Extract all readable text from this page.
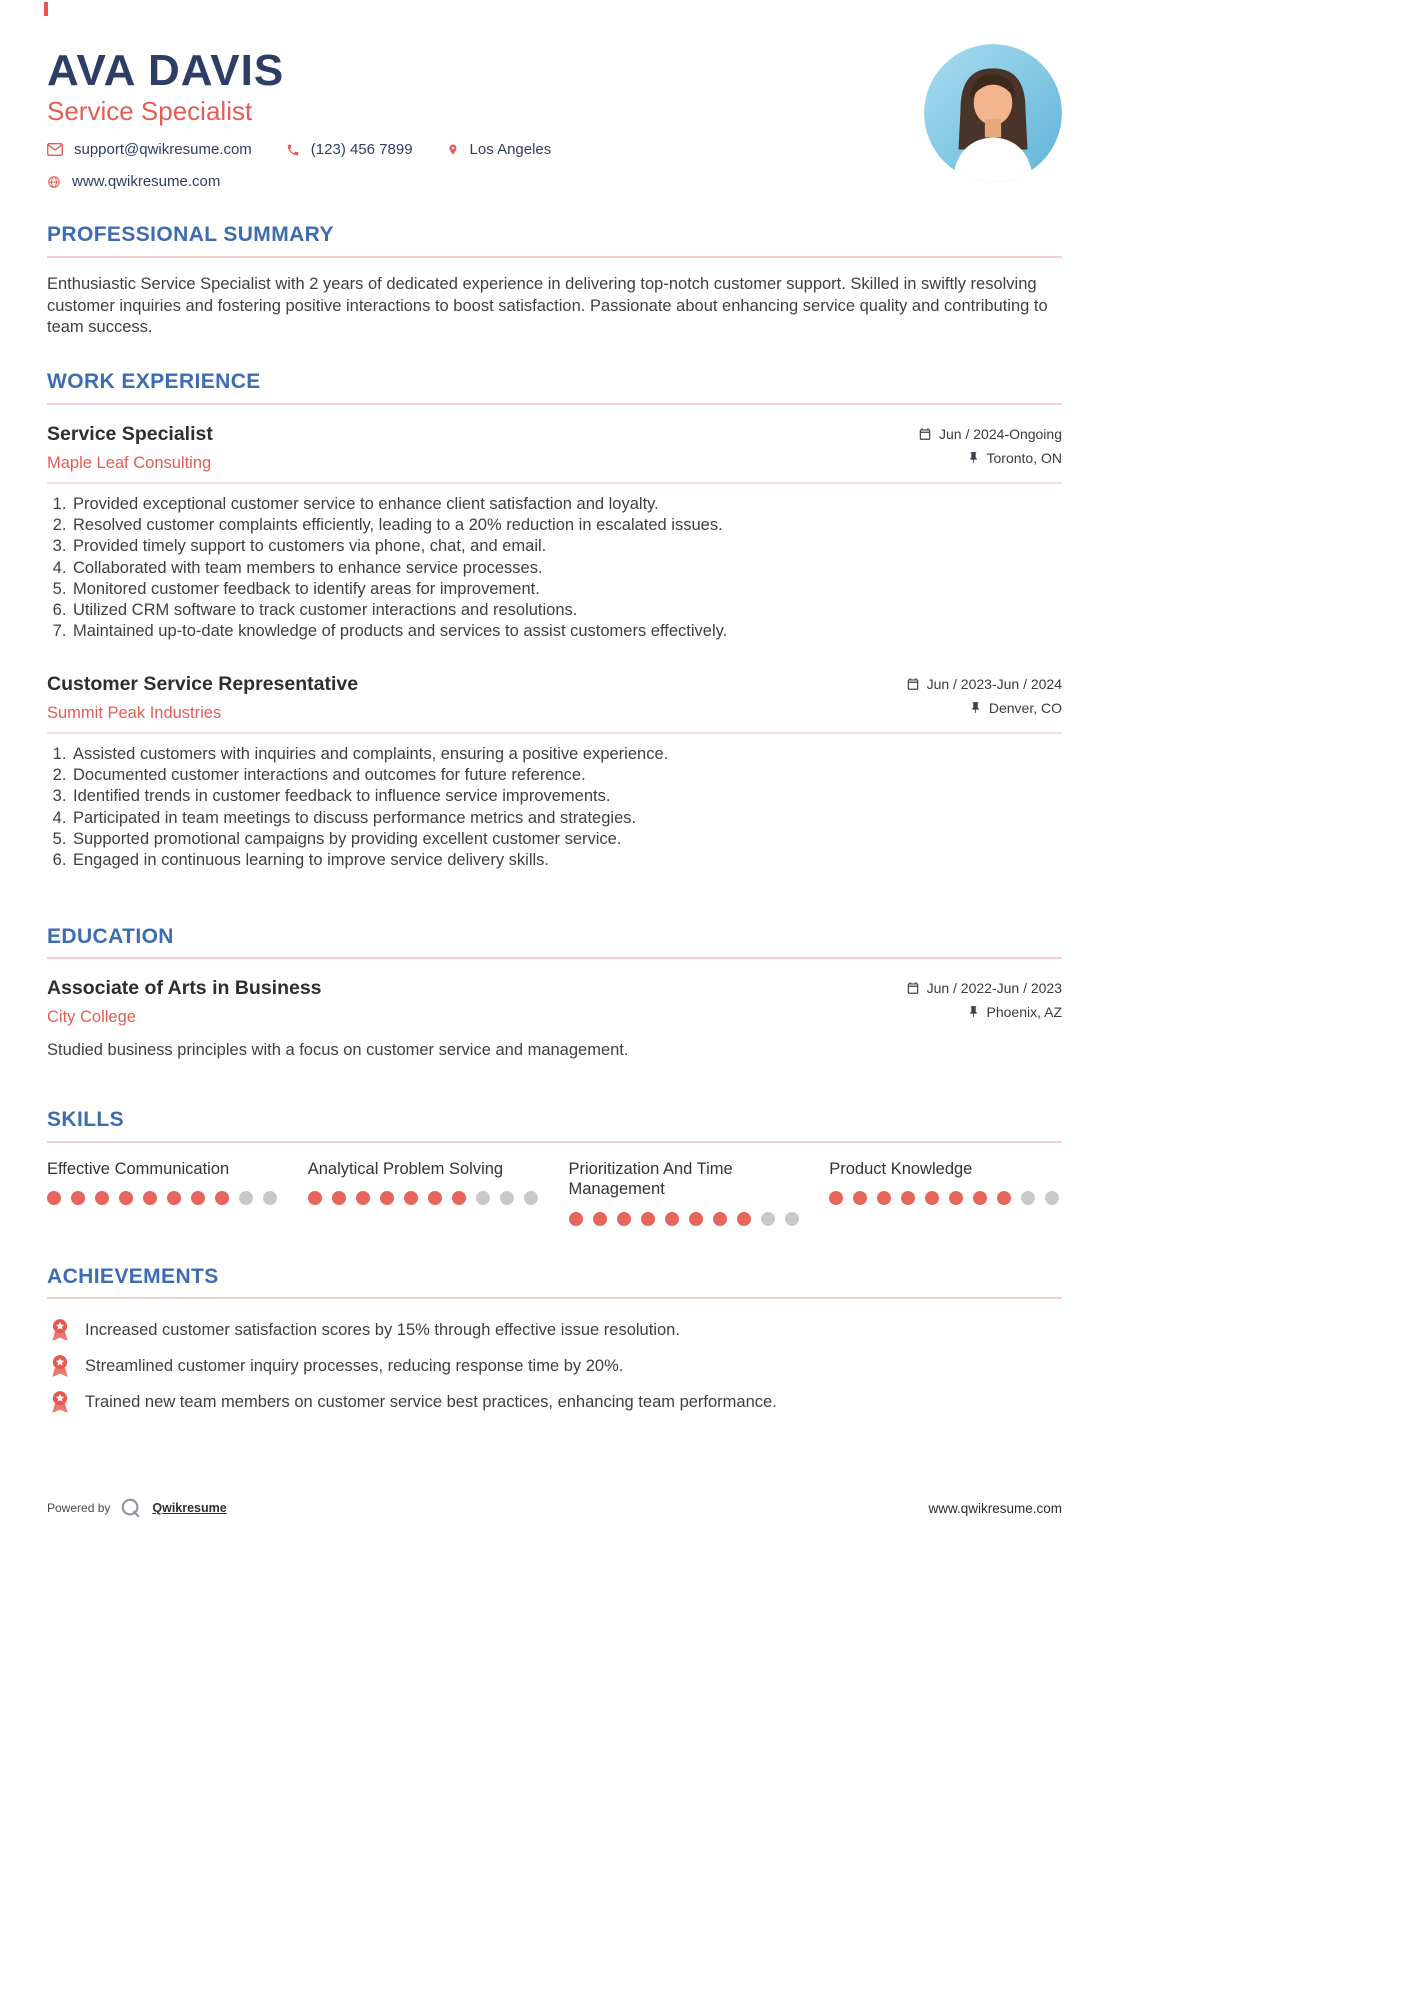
AVA DAVIS
Service Specialist
support@qwikresume.com	(123) 456 7899	Los Angeles
www.qwikresume.com
PROFESSIONAL SUMMARY

Enthusiastic Service Specialist with 2 years of dedicated experience in delivering top-notch customer support. Skilled in swiftly resolving customer inquiries and fostering positive interactions to boost satisfaction. Passionate about enhancing service quality and contributing to team success.

WORK EXPERIENCE
Service Specialist
Maple Leaf Consulting
Jun / 2024-Ongoing
Toronto, ON
1. Provided exceptional customer service to enhance client satisfaction and loyalty.
2. Resolved customer complaints efficiently, leading to a 20% reduction in escalated issues.
3. Provided timely support to customers via phone, chat, and email.
4. Collaborated with team members to enhance service processes.
5. Monitored customer feedback to identify areas for improvement.
6. Utilized CRM software to track customer interactions and resolutions.
7. Maintained up-to-date knowledge of products and services to assist customers effectively.
Customer Service Representative
Summit Peak Industries
Jun / 2023-Jun / 2024
Denver, CO
1. Assisted customers with inquiries and complaints, ensuring a positive experience.
2. Documented customer interactions and outcomes for future reference.
3. Identified trends in customer feedback to influence service improvements.
4. Participated in team meetings to discuss performance metrics and strategies.
5. Supported promotional campaigns by providing excellent customer service.
6. Engaged in continuous learning to improve service delivery skills.
EDUCATION
Associate of Arts in Business
City College
Jun / 2022-Jun / 2023
Phoenix, AZ

Studied business principles with a focus on customer service and management.

SKILLS
Effective Communication	Analytical Problem Solving	Prioritization And Time Management
Product Knowledge
ACHIEVEMENTS
Increased customer satisfaction scores by 15% through effective issue resolution.
Streamlined customer inquiry processes, reducing response time by 20%.
Trained new team members on customer service best practices, enhancing team performance.
Powered by	Qwikresume	www.qwikresume.com
